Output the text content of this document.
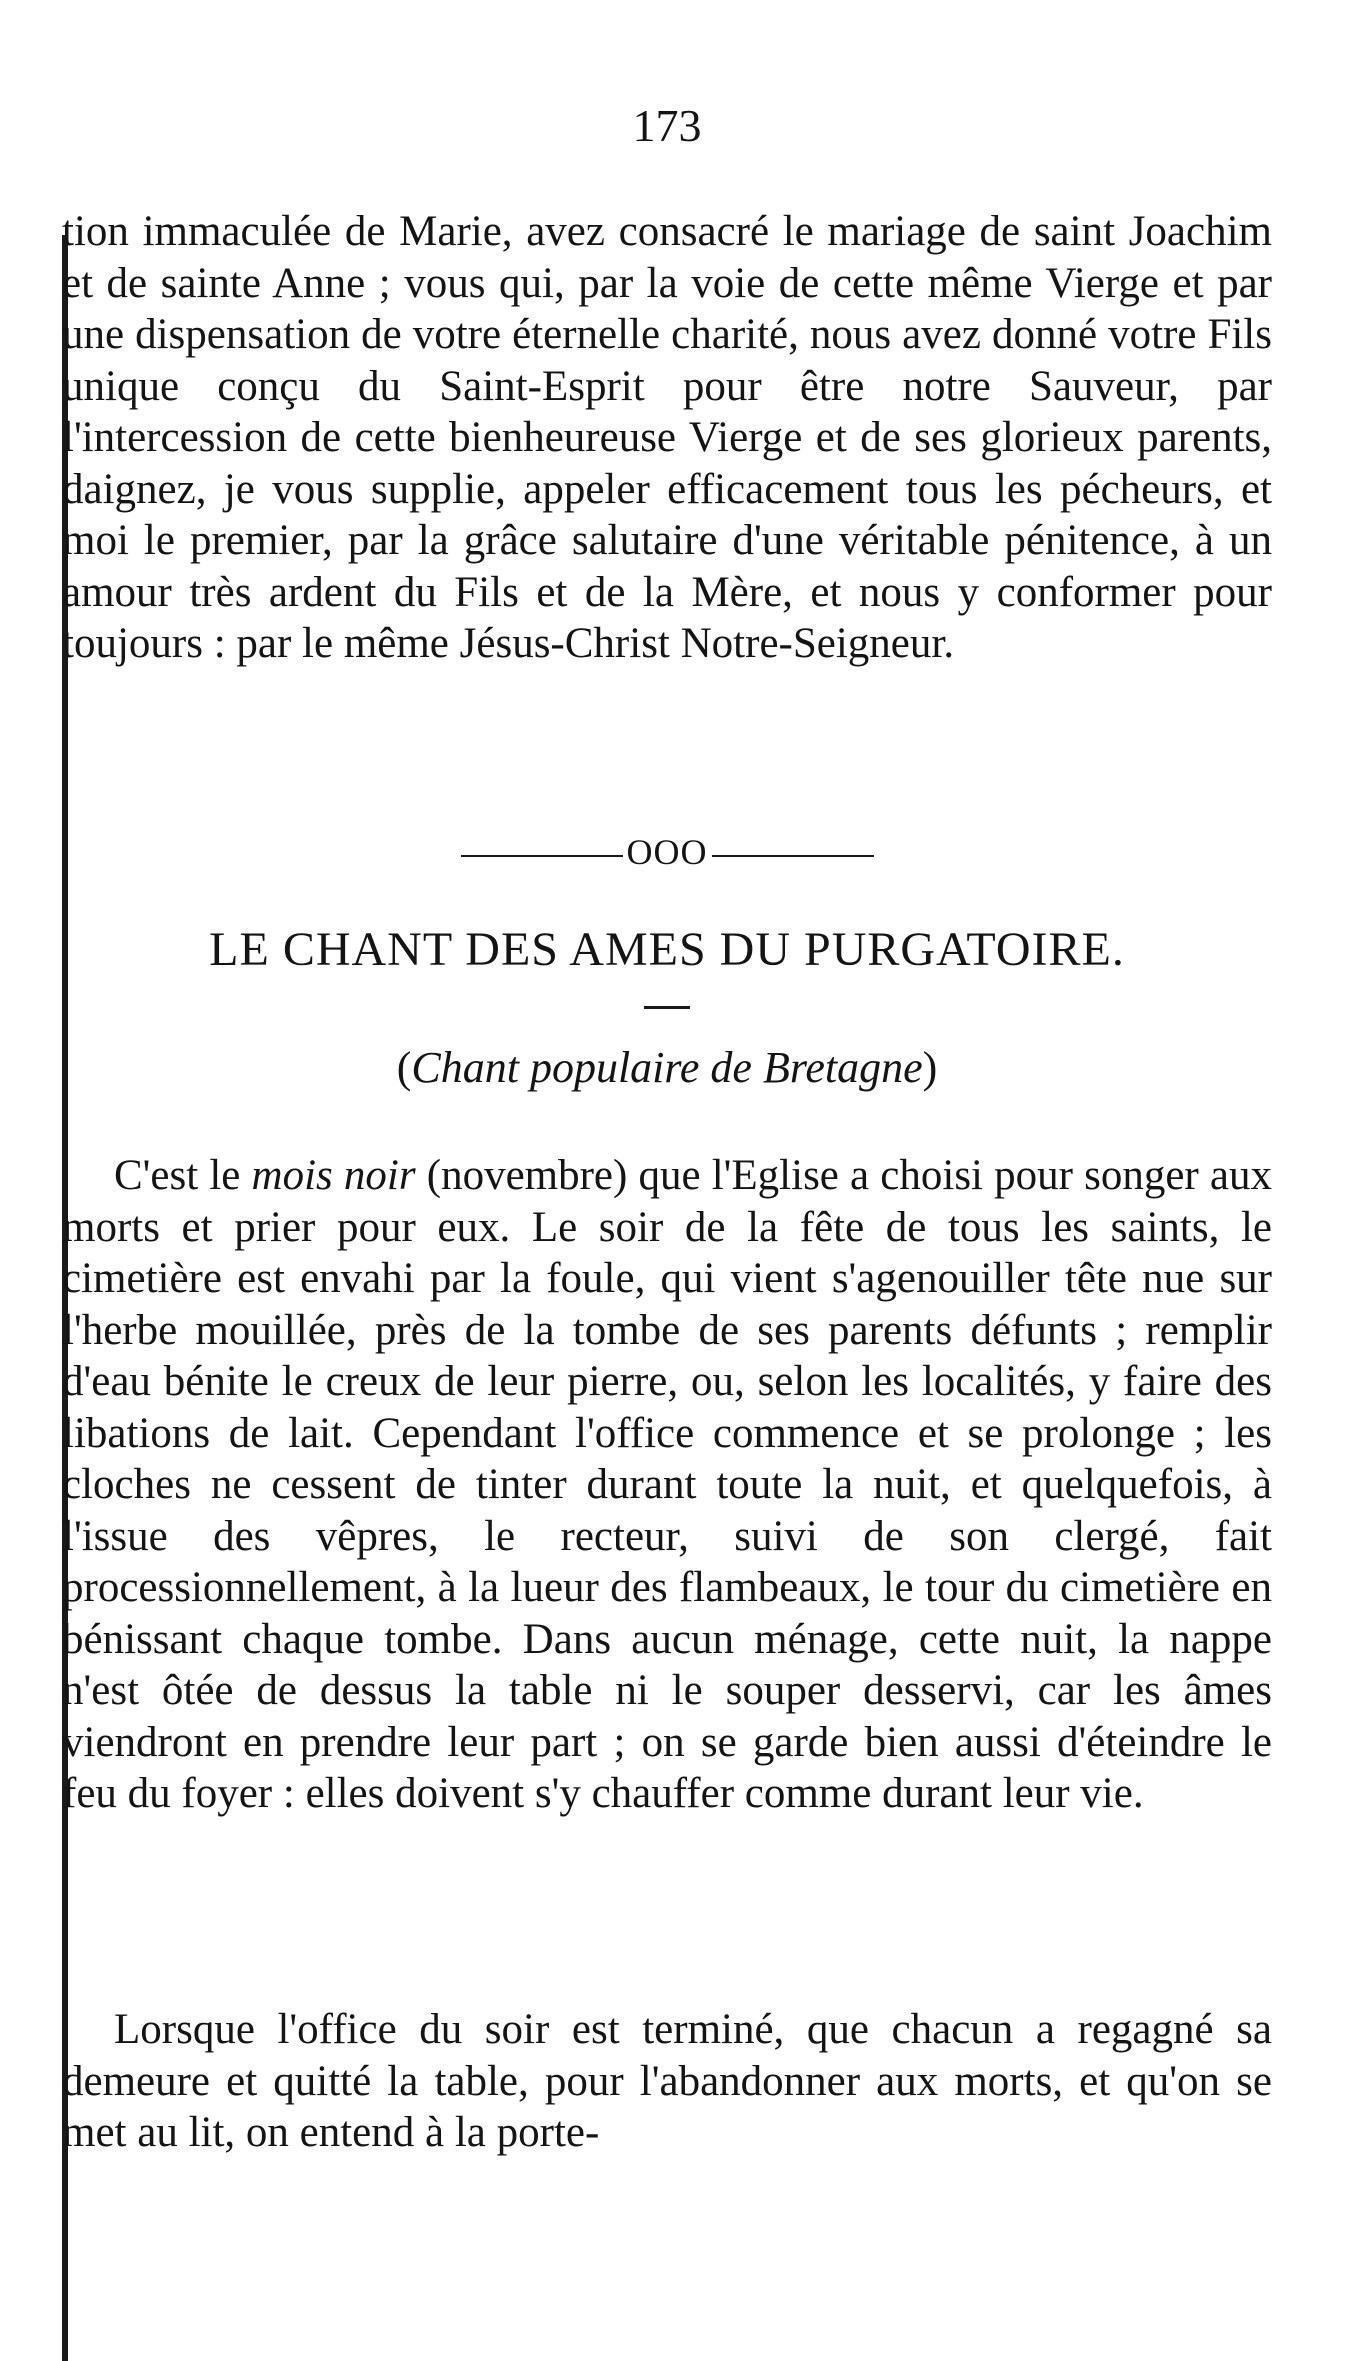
173

tion immaculée de Marie, avez consacré le mariage de saint Joachim et de sainte Anne ; vous qui, par la voie de cette même Vierge et par une dispensation de votre éternelle charité, nous avez donné votre Fils unique conçu du Saint-Esprit pour être notre Sauveur, par l'intercession de cette bienheureuse Vierge et de ses glorieux parents, daignez, je vous supplie, appeler efficacement tous les pécheurs, et moi le premier, par la grâce salutaire d'une véritable pénitence, à un amour très ardent du Fils et de la Mère, et nous y conformer pour toujours : par le même Jésus-Christ Notre-Seigneur.

OOO
LE CHANT DES AMES DU PURGATOIRE.
(Chant populaire de Bretagne)

C'est le mois noir (novembre) que l'Eglise a choisi pour songer aux morts et prier pour eux. Le soir de la fête de tous les saints, le cimetière est envahi par la foule, qui vient s'agenouiller tête nue sur l'herbe mouillée, près de la tombe de ses parents défunts ; remplir d'eau bénite le creux de leur pierre, ou, selon les localités, y faire des libations de lait. Cependant l'office commence et se prolonge ; les cloches ne cessent de tinter durant toute la nuit, et quelquefois, à l'issue des vêpres, le recteur, suivi de son clergé, fait processionnellement, à la lueur des flambeaux, le tour du cimetière en bénissant chaque tombe. Dans aucun ménage, cette nuit, la nappe n'est ôtée de dessus la table ni le souper desservi, car les âmes viendront en prendre leur part ; on se garde bien aussi d'éteindre le feu du foyer : elles doivent s'y chauffer comme durant leur vie.

Lorsque l'office du soir est terminé, que chacun a regagné sa demeure et quitté la table, pour l'abandonner aux morts, et qu'on se met au lit, on entend à la porte-
